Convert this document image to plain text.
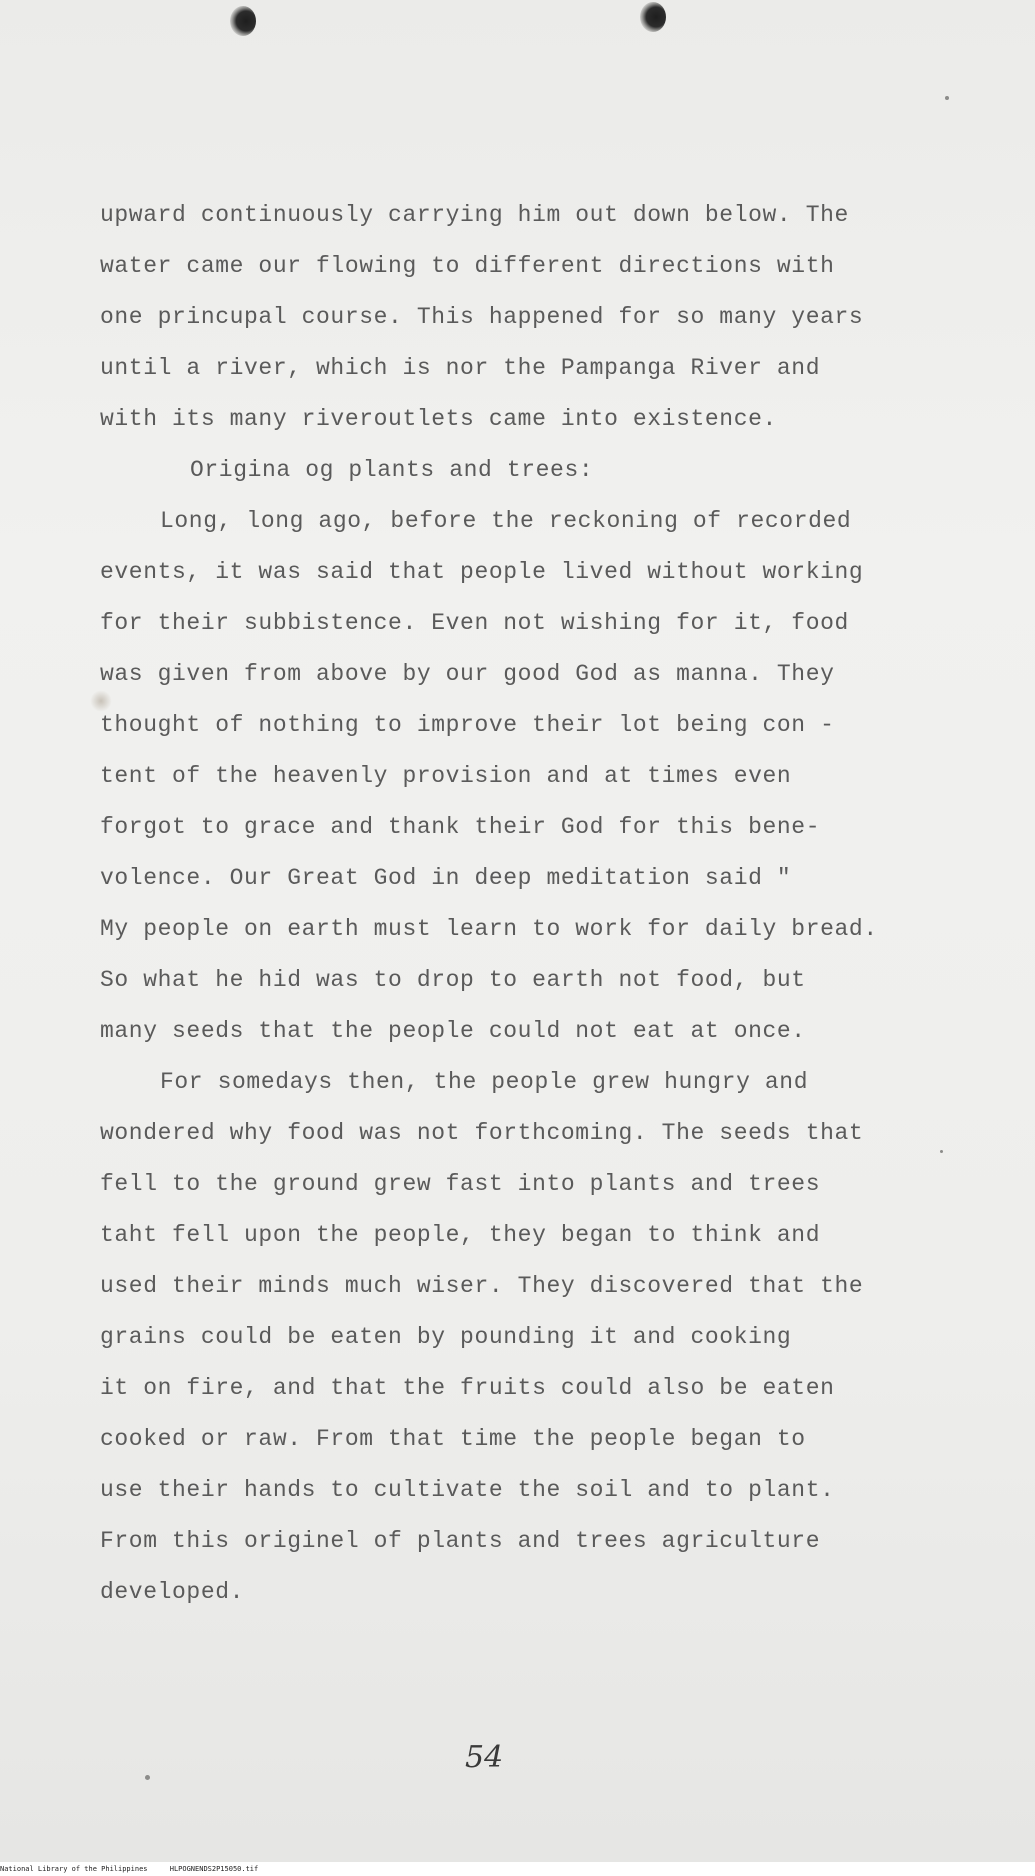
upward continuously carrying him out down below. The
water came our flowing to different directions with
one princupal course. This happened for so many years
until a river, which is nor the Pampanga River and
with its many riveroutlets came into existence.
Origina og plants and trees:
Long, long ago, before the reckoning of recorded
events, it was said that people lived without working
for their subbistence. Even not wishing for it, food
was given from above by our good God as manna. They
thought of nothing to improve their lot being con -
tent of the heavenly provision and at times even
forgot to grace and thank their God for this bene-
volence. Our Great God in deep meditation said "
My people on earth must learn to work for daily bread.
So what he hid was to drop to earth not food, but
many seeds that the people could not eat at once.
For somedays then, the people grew hungry and
wondered why food was not forthcoming. The seeds that
fell to the ground grew fast into plants and trees
taht fell upon the people, they began to think and
used their minds much wiser. They discovered that the
grains could be eaten by pounding it and cooking
it on fire, and that the fruits could also be eaten
cooked or raw. From that time the people began to
use their hands to cultivate the soil and to plant.
From this originel of plants and trees agriculture
developed.
54
National Library of the Philippines	HLPOGNENDS2P15050.tif
